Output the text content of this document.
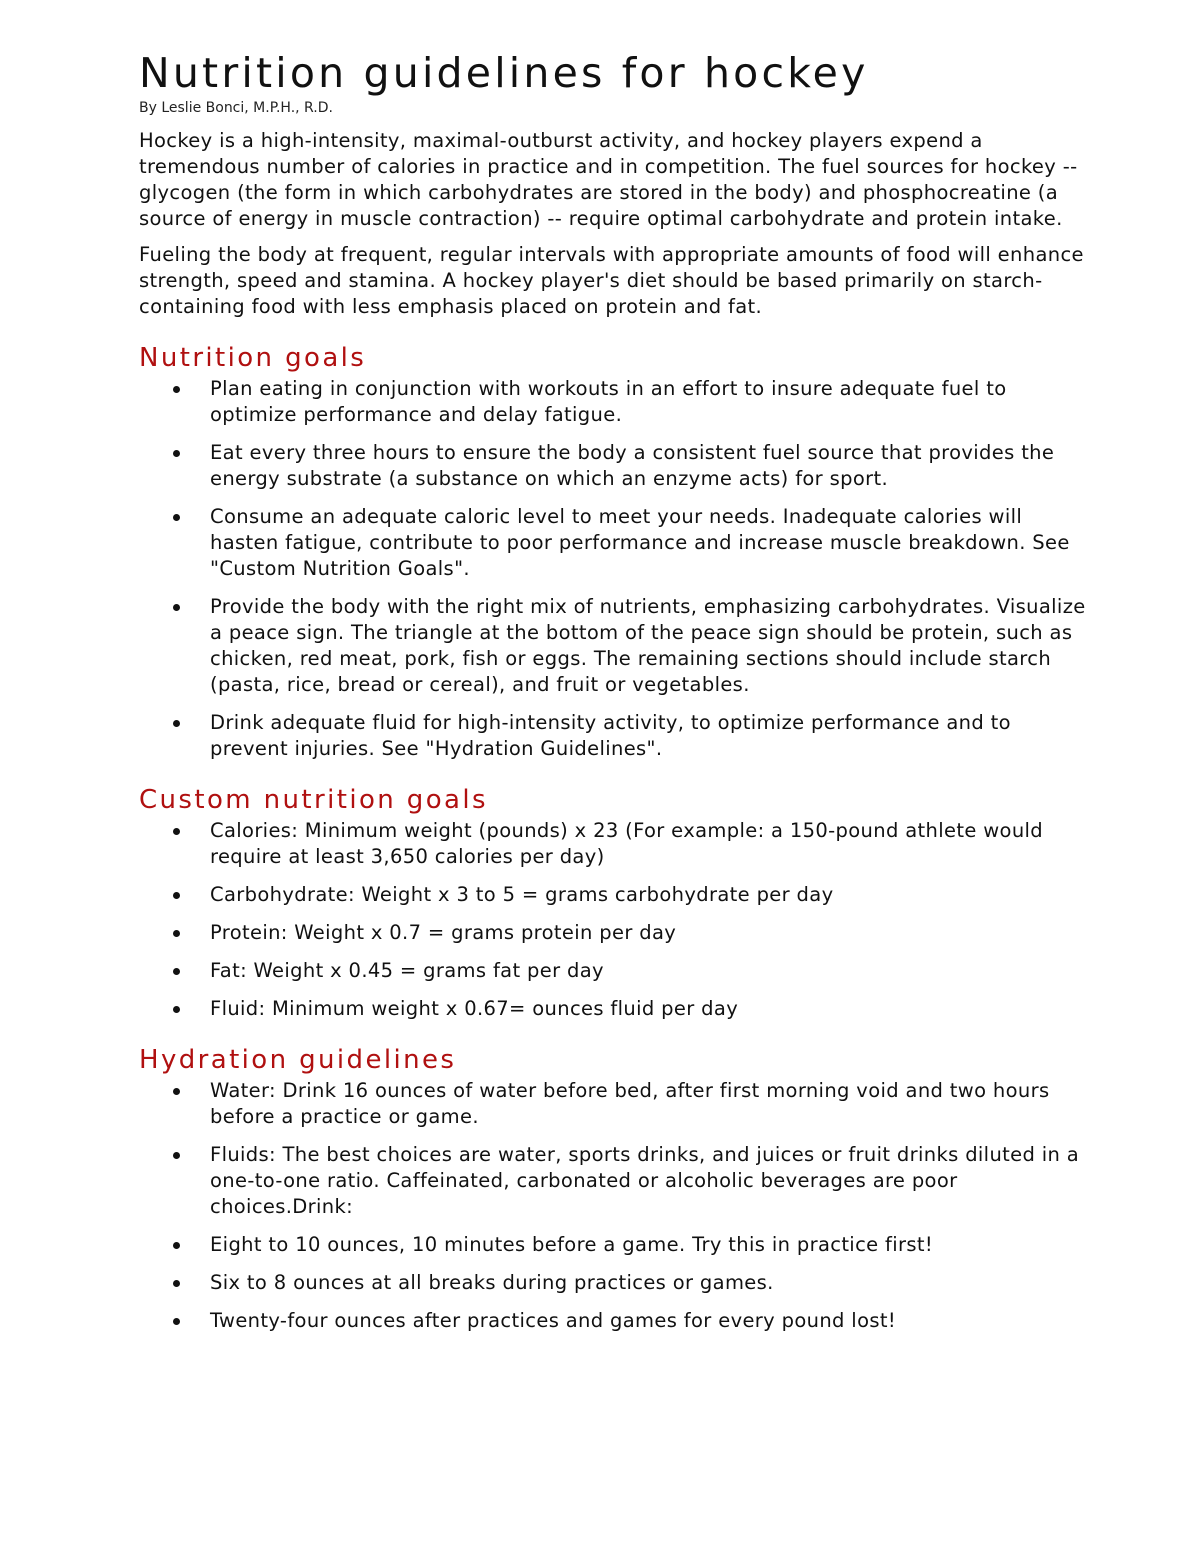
Nutrition guidelines for hockey

By Leslie Bonci, M.P.H., R.D.

Hockey is a high-intensity, maximal-outburst activity, and hockey players expend a tremendous number of calories in practice and in competition. The fuel sources for hockey -- glycogen (the form in which carbohydrates are stored in the body) and phosphocreatine (a source of energy in muscle contraction) -- require optimal carbohydrate and protein intake.

Fueling the body at frequent, regular intervals with appropriate amounts of food will enhance strength, speed and stamina. A hockey player's diet should be based primarily on starch-containing food with less emphasis placed on protein and fat.

Nutrition goals
Plan eating in conjunction with workouts in an effort to insure adequate fuel to optimize performance and delay fatigue.
Eat every three hours to ensure the body a consistent fuel source that provides the energy substrate (a substance on which an enzyme acts) for sport.
Consume an adequate caloric level to meet your needs. Inadequate calories will hasten fatigue, contribute to poor performance and increase muscle breakdown. See "Custom Nutrition Goals".
Provide the body with the right mix of nutrients, emphasizing carbohydrates. Visualize a peace sign. The triangle at the bottom of the peace sign should be protein, such as chicken, red meat, pork, fish or eggs. The remaining sections should include starch (pasta, rice, bread or cereal), and fruit or vegetables.
Drink adequate fluid for high-intensity activity, to optimize performance and to prevent injuries. See "Hydration Guidelines".
Custom nutrition goals
Calories: Minimum weight (pounds) x 23 (For example: a 150-pound athlete would require at least 3,650 calories per day)
Carbohydrate: Weight x 3 to 5 = grams carbohydrate per day
Protein: Weight x 0.7 = grams protein per day
Fat: Weight x 0.45 = grams fat per day
Fluid: Minimum weight x 0.67= ounces fluid per day
Hydration guidelines
Water: Drink 16 ounces of water before bed, after first morning void and two hours before a practice or game.
Fluids: The best choices are water, sports drinks, and juices or fruit drinks diluted in a one-to-one ratio. Caffeinated, carbonated or alcoholic beverages are poor choices.Drink:
Eight to 10 ounces, 10 minutes before a game. Try this in practice first!
Six to 8 ounces at all breaks during practices or games.
Twenty-four ounces after practices and games for every pound lost!
